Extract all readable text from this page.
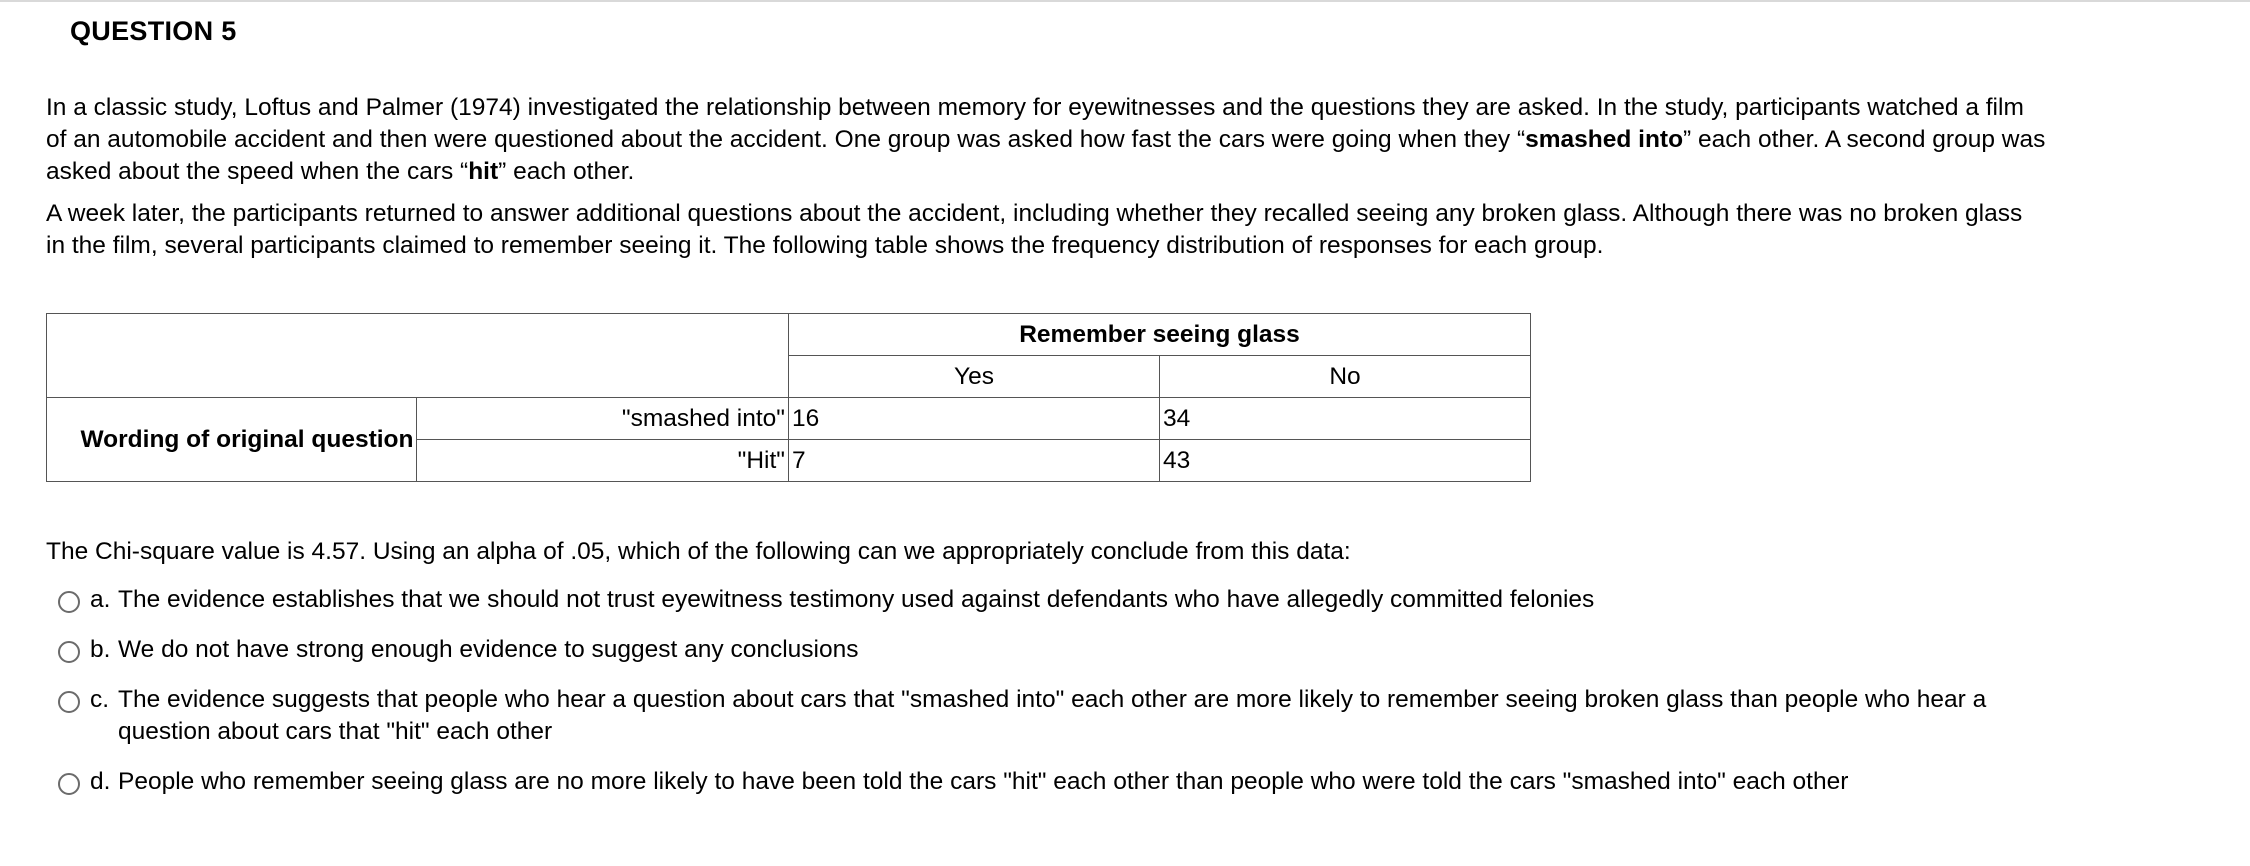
QUESTION 5

In a classic study, Loftus and Palmer (1974) investigated the relationship between memory for eyewitnesses and the questions they are asked. In the study, participants watched a film of an automobile accident and then were questioned about the accident. One group was asked how fast the cars were going when they “smashed into” each other. A second group was asked about the speed when the cars “hit” each other.

A week later, the participants returned to answer additional questions about the accident, including whether they recalled seeing any broken glass. Although there was no broken glass in the film, several participants claimed to remember seeing it. The following table shows the frequency distribution of responses for each group.

		Remember seeing glass	
		Yes	No
Wording of original question	"smashed into"	16	34
	"Hit"	7	43
The Chi-square value is 4.57. Using an alpha of .05, which of the following can we appropriately conclude from this data:
a. The evidence establishes that we should not trust eyewitness testimony used against defendants who have allegedly committed felonies
b. We do not have strong enough evidence to suggest any conclusions
c. The evidence suggests that people who hear a question about cars that "smashed into" each other are more likely to remember seeing broken glass than people who hear a question about cars that "hit" each other
d. People who remember seeing glass are no more likely to have been told the cars "hit" each other than people who were told the cars "smashed into" each other
